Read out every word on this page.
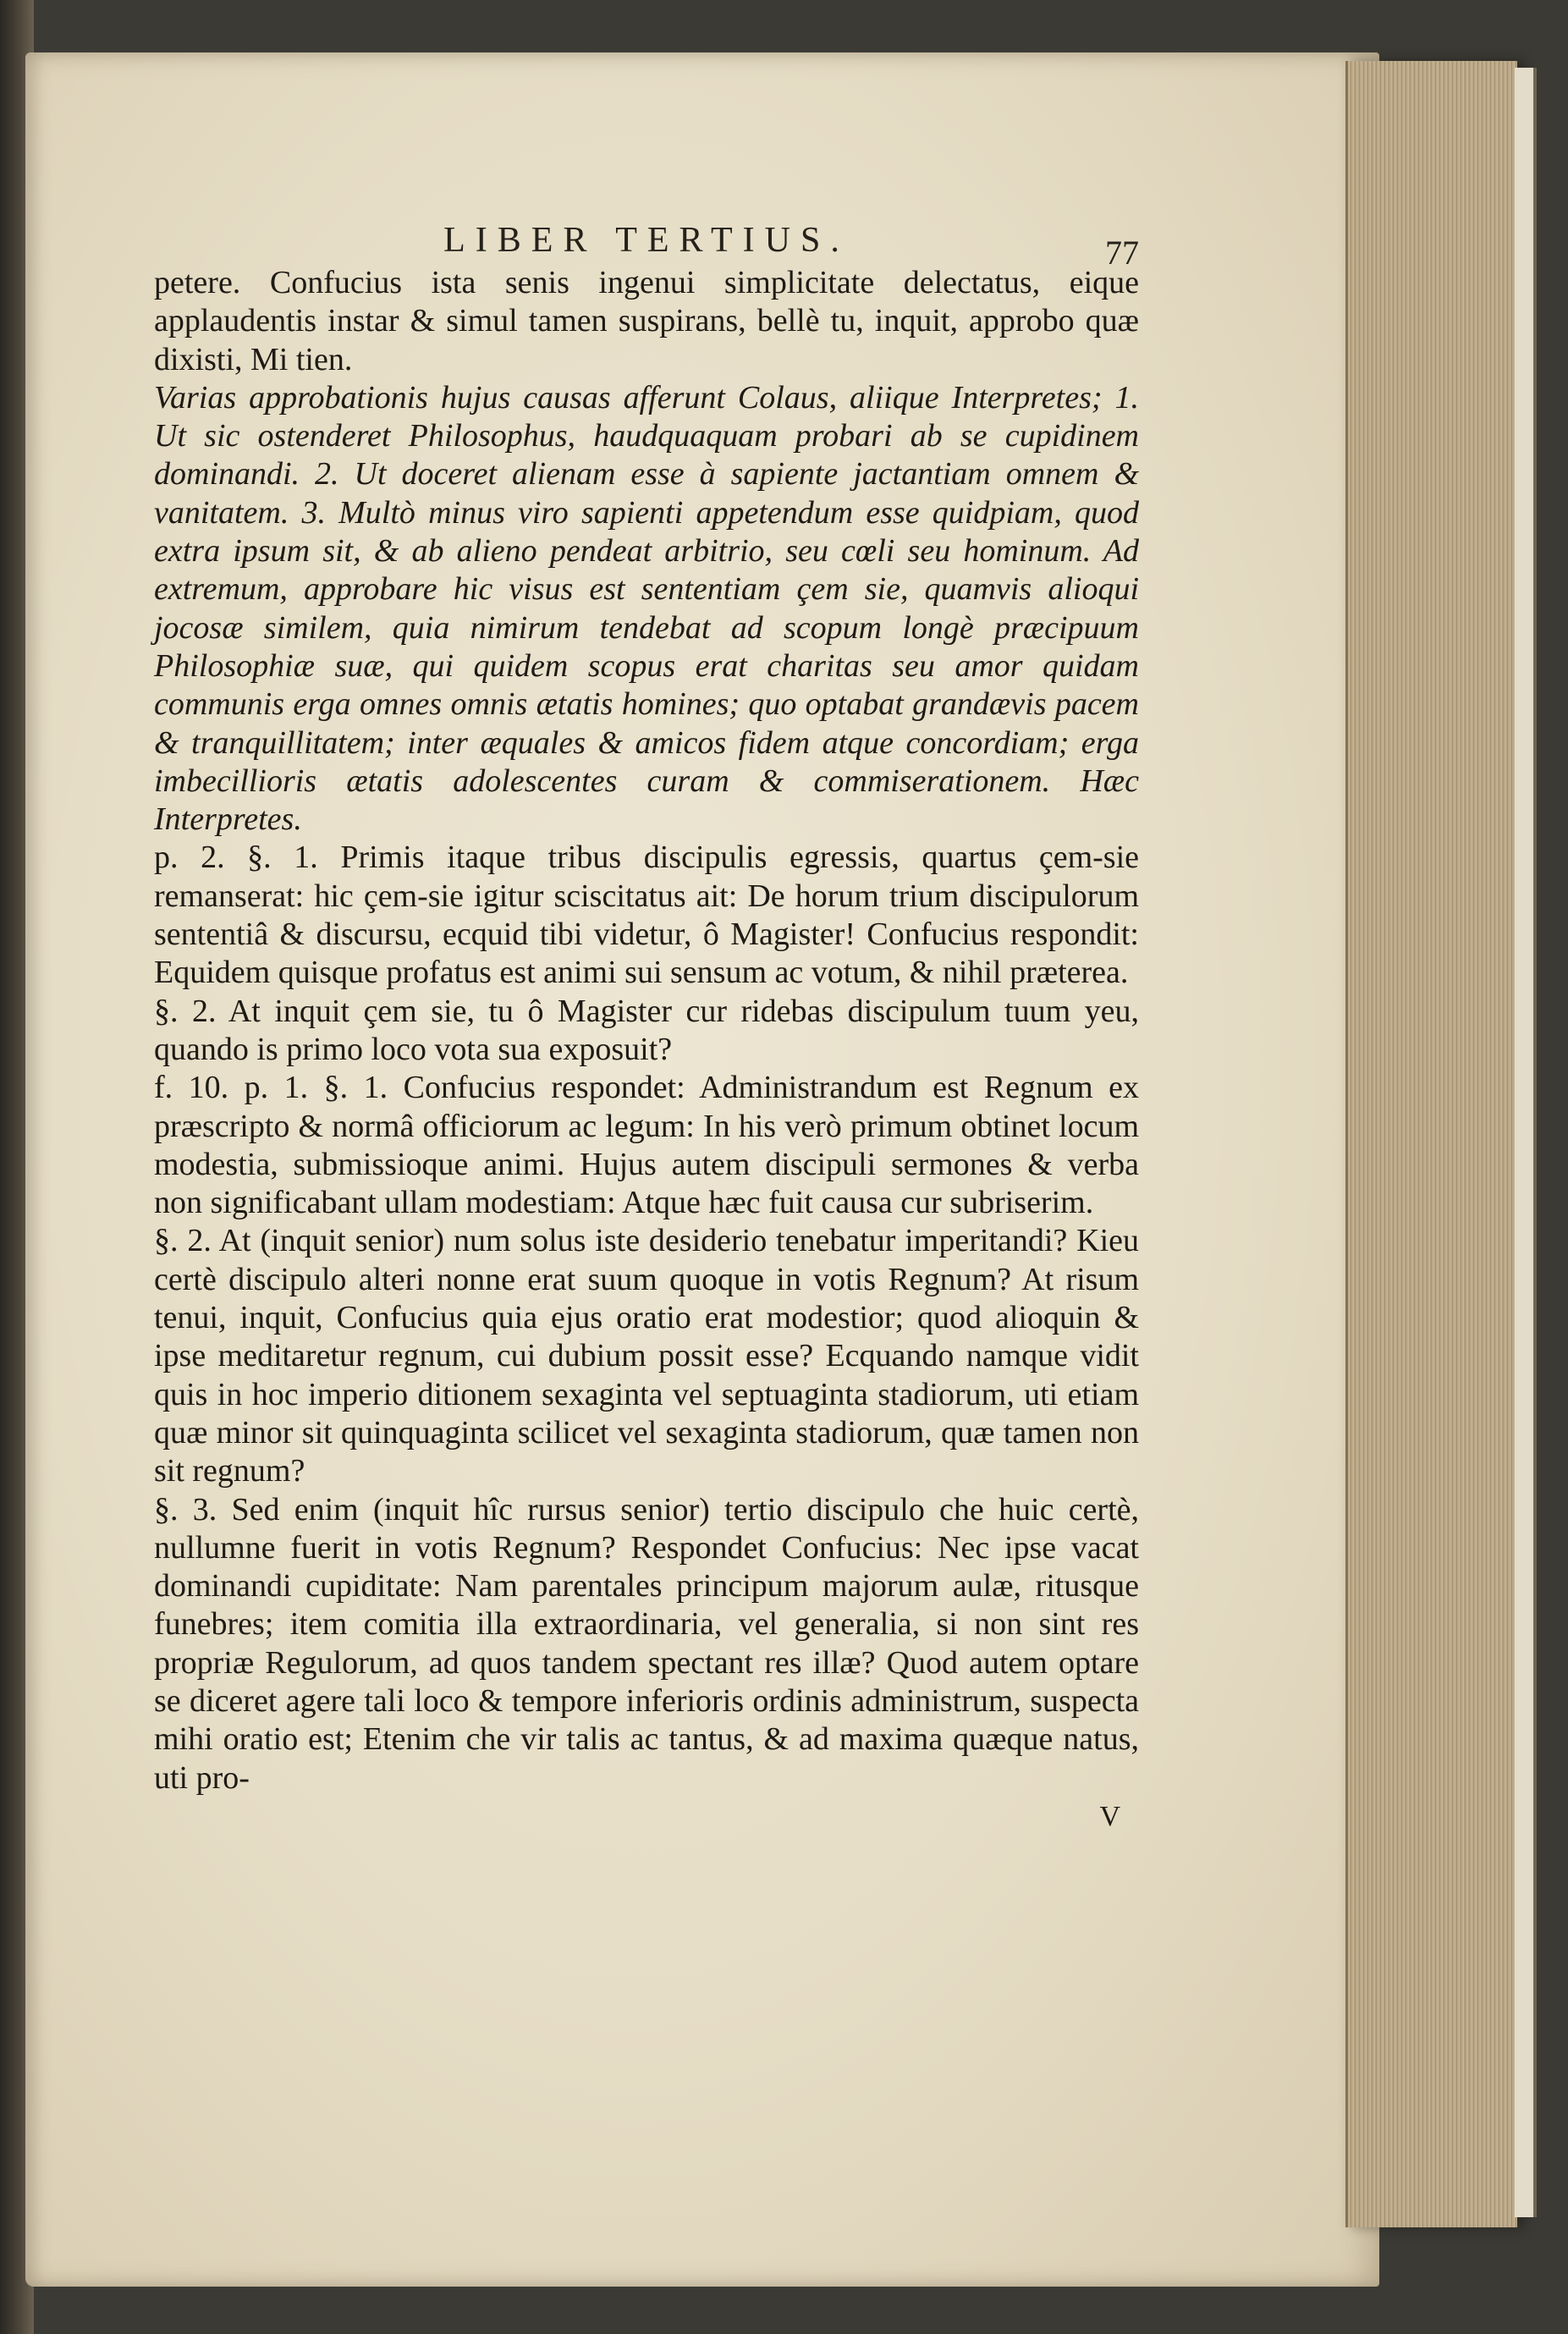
LIBER TERTIUS.	77

petere. Confucius ista senis ingenui simplicitate delectatus, eique applaudentis instar & simul tamen suspirans, bellè tu, inquit, approbo quæ dixisti, Mi tien.

Varias approbationis hujus causas afferunt Colaus, aliique Interpretes; 1. Ut sic ostenderet Philosophus, haudquaquam probari ab se cupidinem dominandi. 2. Ut doceret alienam esse à sapiente jactantiam omnem & vanitatem. 3. Multò minus viro sapienti appetendum esse quidpiam, quod extra ipsum sit, & ab alieno pendeat arbitrio, seu cœli seu hominum. Ad extremum, approbare hic visus est sententiam çem sie, quamvis alioqui jocosæ similem, quia nimirum tendebat ad scopum longè præcipuum Philosophiæ suæ, qui quidem scopus erat charitas seu amor quidam communis erga omnes omnis ætatis homines; quo optabat grandævis pacem & tranquillitatem; inter æquales & amicos fidem atque concordiam; erga imbecillioris ætatis adolescentes curam & commiserationem. Hæc Interpretes.

p. 2. §. 1. Primis itaque tribus discipulis egressis, quartus çem-sie remanserat: hic çem-sie igitur sciscitatus ait: De horum trium discipulorum sententiâ & discursu, ecquid tibi videtur, ô Magister! Confucius respondit: Equidem quisque profatus est animi sui sensum ac votum, & nihil præterea.

§. 2. At inquit çem sie, tu ô Magister cur ridebas discipulum tuum yeu, quando is primo loco vota sua exposuit?

f. 10. p. 1. §. 1. Confucius respondet: Administrandum est Regnum ex præscripto & normâ officiorum ac legum: In his verò primum obtinet locum modestia, submissioque animi. Hujus autem discipuli sermones & verba non significabant ullam modestiam: Atque hæc fuit causa cur subriserim.

§. 2. At (inquit senior) num solus iste desiderio tenebatur imperitandi? Kieu certè discipulo alteri nonne erat suum quoque in votis Regnum? At risum tenui, inquit, Confucius quia ejus oratio erat modestior; quod alioquin & ipse meditaretur regnum, cui dubium possit esse? Ecquando namque vidit quis in hoc imperio ditionem sexaginta vel septuaginta stadiorum, uti etiam quæ minor sit quinquaginta scilicet vel sexaginta stadiorum, quæ tamen non sit regnum?

§. 3. Sed enim (inquit hîc rursus senior) tertio discipulo che huic certè, nullumne fuerit in votis Regnum? Respondet Confucius: Nec ipse vacat dominandi cupiditate: Nam parentales principum majorum aulæ, ritusque funebres; item comitia illa extraordinaria, vel generalia, si non sint res propriæ Regulorum, ad quos tandem spectant res illæ? Quod autem optare se diceret agere tali loco & tempore inferioris ordinis administrum, suspecta mihi oratio est; Etenim che vir talis ac tantus, & ad maxima quæque natus, uti pro-

V
